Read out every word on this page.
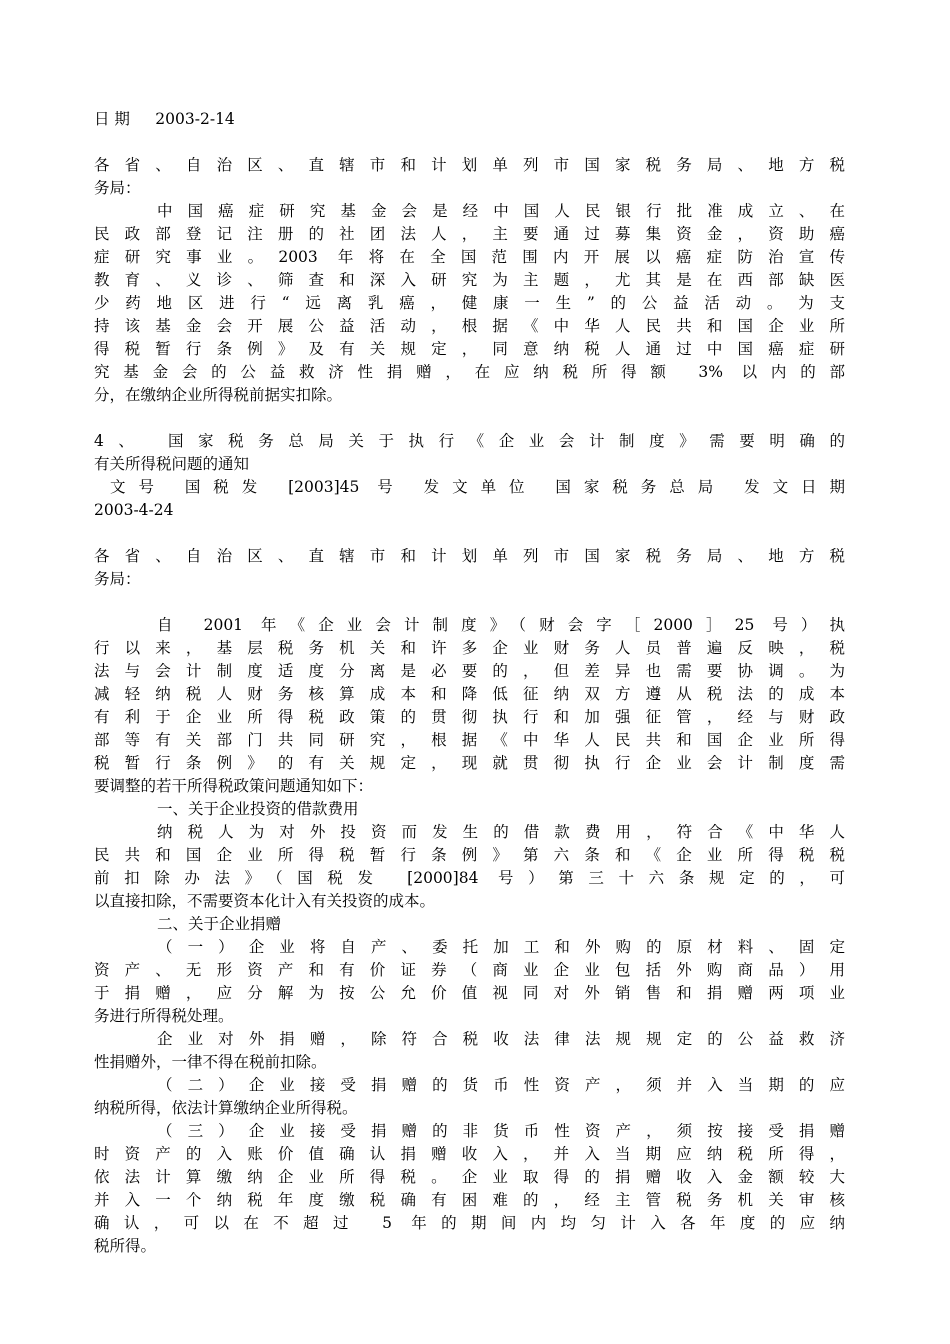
日 期 　 2003-2-14
各省、自治区、直辖市和计划单列市国家税务局、地方税
务局：
中国癌症研究基金会是经中国人民银行批准成立、在
民政部登记注册的社团法人，主要通过募集资金，资助癌
症研究事业。2003 年将在全国范围内开展以癌症防治宣传
教育、义诊、筛查和深入研究为主题，尤其是在西部缺医
少药地区进行“远离乳癌，健康一生”的公益活动。为支
持该基金会开展公益活动，根据《中华人民共和国企业所
得税暂行条例》及有关规定，同意纳税人通过中国癌症研
究基金会的公益救济性捐赠，在应纳税所得额 3% 以内的部
分，在缴纳企业所得税前据实扣除。
4、 国家税务总局关于执行《企业会计制度》需要明确的
有关所得税问题的通知
文号 国税发 [2003]45 号 发文单位 国家税务总局 发文日期
2003-4-24
各省、自治区、直辖市和计划单列市国家税务局、地方税
务局：
自 2001 年《企业会计制度》（财会字［2000］25 号）执
行以来，基层税务机关和许多企业财务人员普遍反映，税
法与会计制度适度分离是必要的，但差异也需要协调。为
减轻纳税人财务核算成本和降低征纳双方遵从税法的成本
有利于企业所得税政策的贯彻执行和加强征管，经与财政
部等有关部门共同研究，根据《中华人民共和国企业所得
税暂行条例》的有关规定，现就贯彻执行企业会计制度需
要调整的若干所得税政策问题通知如下：
一、关于企业投资的借款费用
纳税人为对外投资而发生的借款费用，符合《中华人
民共和国企业所得税暂行条例》第六条和《企业所得税税
前扣除办法》（国税发 [2000]84 号）第三十六条规定的，可
以直接扣除，不需要资本化计入有关投资的成本。
二、关于企业捐赠
（一）企业将自产、委托加工和外购的原材料、固定
资产、无形资产和有价证券（商业企业包括外购商品）用
于捐赠，应分解为按公允价值视同对外销售和捐赠两项业
务进行所得税处理。
企业对外捐赠，除符合税收法律法规规定的公益救济
性捐赠外，一律不得在税前扣除。
（二）企业接受捐赠的货币性资产，须并入当期的应
纳税所得，依法计算缴纳企业所得税。
（三）企业接受捐赠的非货币性资产，须按接受捐赠
时资产的入账价值确认捐赠收入，并入当期应纳税所得，
依法计算缴纳企业所得税。企业取得的捐赠收入金额较大
并入一个纳税年度缴税确有困难的，经主管税务机关审核
确认，可以在不超过 5 年的期间内均匀计入各年度的应纳
税所得。
